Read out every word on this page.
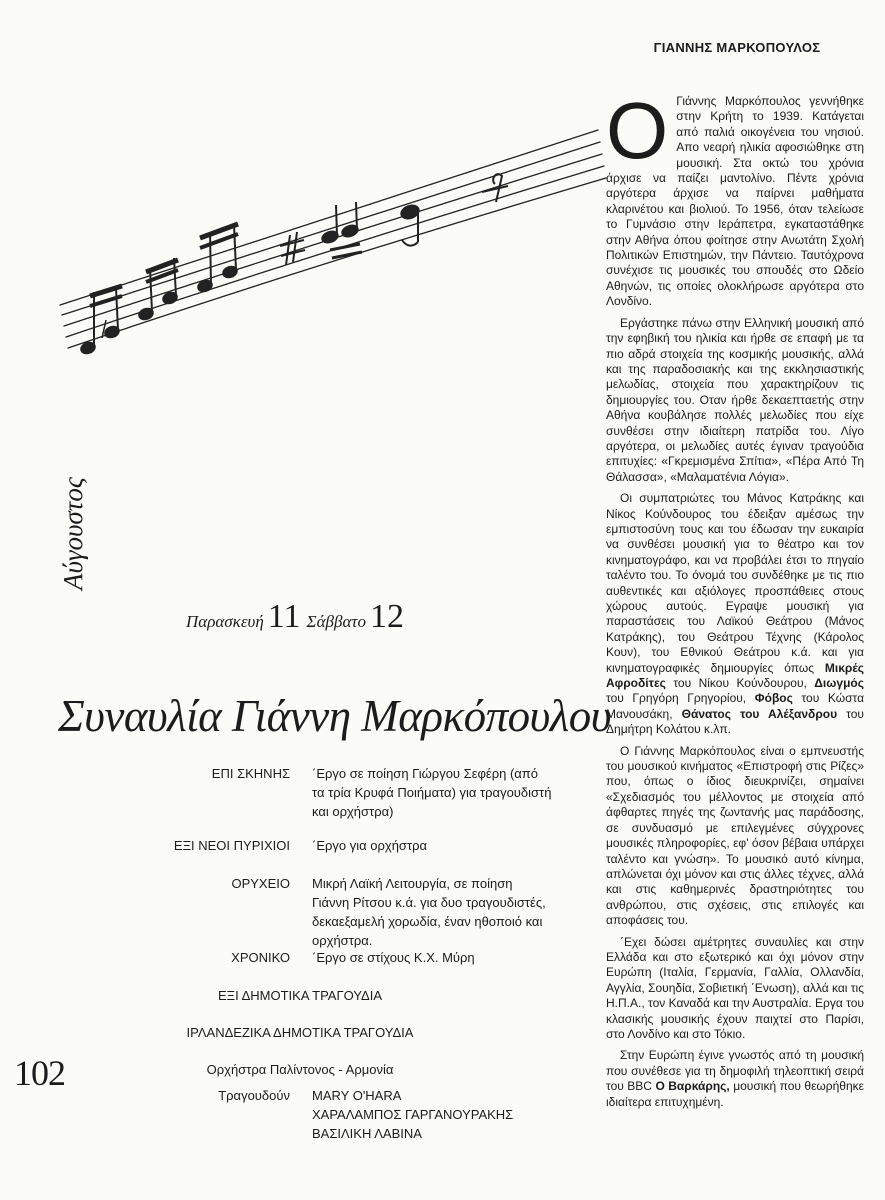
Αύγουστος
Παρασκευή 11 Σάββατο 12
Συναυλία Γιάννη Μαρκόπουλου
ΕΠΙ ΣΚΗΝΗΣ ΄Εργο σε ποίηση Γιώργου Σεφέρη (από τα τρία Κρυφά Ποιήματα) για τραγουδιστή και ορχήστρα)
ΕΞΙ ΝΕΟΙ ΠΥΡΙΧΙΟΙ ΄Εργο για ορχήστρα
ΟΡΥΧΕΙΟ Μικρή Λαϊκή Λειτουργία, σε ποίηση Γιάννη Ρίτσου κ.ά. για δυο τραγουδιστές, δεκαεξαμελή χορωδία, έναν ηθοποιό και ορχήστρα.
ΧΡΟΝΙΚΟ ΄Εργο σε στίχους Κ.Χ. Μύρη
ΕΞΙ ΔΗΜΟΤΙΚΑ ΤΡΑΓΟΥΔΙΑ
ΙΡΛΑΝΔΕΖΙΚΑ ΔΗΜΟΤΙΚΑ ΤΡΑΓΟΥΔΙΑ
Ορχήστρα Παλίντονος - Αρμονία
Τραγουδούν MARY O'HARA
ΧΑΡΑΛΑΜΠΟΣ ΓΑΡΓΑΝΟΥΡΑΚΗΣ
ΒΑΣΙΛΙΚΗ ΛΑΒΙΝΑ
102
ΓΙΑΝΝΗΣ ΜΑΡΚΟΠΟΥΛΟΣ

Ο Γιάννης Μαρκόπουλος γεννήθηκε στην Κρήτη το 1939. Κατάγεται από παλιά οικογένεια του νησιού. Απο νεαρή ηλικία αφοσιώθηκε στη μουσική. Στα οκτώ του χρόνια άρχισε να παίζει μαντολίνο. Πέντε χρόνια αργότερα άρχισε να παίρνει μαθήματα κλαρινέτου και βιολιού. Το 1956, όταν τελείωσε το Γυμνάσιο στην Ιεράπετρα, εγκαταστάθηκε στην Αθήνα όπου φοίτησε στην Ανωτάτη Σχολή Πολιτικών Επιστημών, την Πάντειο. Ταυτόχρονα συνέχισε τις μουσικές του σπουδές στο Ωδείο Αθηνών, τις οποίες ολοκλήρωσε αργότερα στο Λονδίνο.

Εργάστηκε πάνω στην Ελληνική μουσική από την εφηβική του ηλικία και ήρθε σε επαφή με τα πιο αδρά στοιχεία της κοσμικής μουσικής, αλλά και της παραδοσιακής και της εκκλησιαστικής μελωδίας, στοιχεία που χαρακτηρίζουν τις δημιουργίες του. Οταν ήρθε δεκαεπταετής στην Αθήνα κουβάλησε πολλές μελωδίες που είχε συνθέσει στην ιδιαίτερη πατρίδα του. Λίγο αργότερα, οι μελωδίες αυτές έγιναν τραγούδια επιτυχίες: «Γκρεμισμένα Σπίτια», «Πέρα Από Τη Θάλασσα», «Μαλαματένια Λόγια».

Οι συμπατριώτες του Μάνος Κατράκης και Νίκος Κούνδουρος του έδειξαν αμέσως την εμπιστοσύνη τους και του έδωσαν την ευκαιρία να συνθέσει μουσική για το θέατρο και τον κινηματογράφο, και να προβάλει έτσι το πηγαίο ταλέντο του. Το όνομά του συνδέθηκε με τις πιο αυθεντικές και αξιόλογες προσπάθειες στους χώρους αυτούς. Εγραψε μουσική για παραστάσεις του Λαϊκού Θεάτρου (Μάνος Κατράκης), του Θεάτρου Τέχνης (Κάρολος Κουν), του Εθνικού Θεάτρου κ.ά. και για κινηματογραφικές δημιουργίες όπως Μικρές Αφροδίτες του Νίκου Κούνδουρου, Διωγμός του Γρηγόρη Γρηγορίου, Φόβος του Κώστα Μανουσάκη, Θάνατος του Αλέξανδρου του Δημήτρη Κολάτου κ.λπ.

Ο Γιάννης Μαρκόπουλος είναι ο εμπνευστής του μουσικού κινήματος «Επιστροφή στις Ρίζες» που, όπως ο ίδιος διευκρινίζει, σημαίνει «Σχεδιασμός του μέλλοντος με στοιχεία από άφθαρτες πηγές της ζωντανής μας παράδοσης, σε συνδυασμό με επιλεγμένες σύγχρονες μουσικές πληροφορίες, εφ' όσον βέβαια υπάρχει ταλέντο και γνώση». Το μουσικό αυτό κίνημα, απλώνεται όχι μόνον και στις άλλες τέχνες, αλλά και στις καθημερινές δραστηριότητες του ανθρώπου, στις σχέσεις, στις επιλογές και αποφάσεις του.

΄Εχει δώσει αμέτρητες συναυλίες και στην Ελλάδα και στο εξωτερικό και όχι μόνον στην Ευρώπη (Ιταλία, Γερμανία, Γαλλία, Ολλανδία, Αγγλία, Σουηδία, Σοβιετική ΄Ενωση), αλλά και τις Η.Π.Α., τον Καναδά και την Αυστραλία. Εργα του κλασικής μουσικής έχουν παιχτεί στο Παρίσι, στο Λονδίνο και στο Τόκιο.

Στην Ευρώπη έγινε γνωστός από τη μουσική που συνέθεσε για τη δημοφιλή τηλεοπτική σειρά του BBC Ο Βαρκάρης, μουσική που θεωρήθηκε ιδιαίτερα επιτυχημένη.
